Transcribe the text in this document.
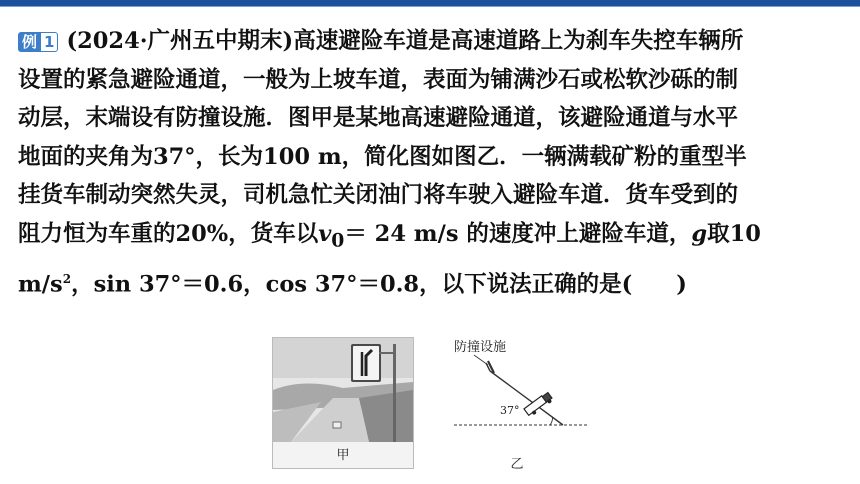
例 1 (2024·广州五中期末)高速避险车道是高速道路上为刹车失控车辆所
设置的紧急避险通道，一般为上坡车道，表面为铺满沙石或松软沙砾的制
动层，末端设有防撞设施．图甲是某地高速避险通道，该避险通道与水平
地面的夹角为37°，长为100 m，简化图如图乙．一辆满载矿粉的重型半
挂货车制动突然失灵，司机急忙关闭油门将车驶入避险车道．货车受到的
阻力恒为车重的20%，货车以$v_0= 24$ m/s 的速度冲上避险车道，g取10
$m/s^2$，sin 37°＝0.6，cos 37°＝0.8，以下说法正确的是( )
甲
防撞设施
37°
乙
